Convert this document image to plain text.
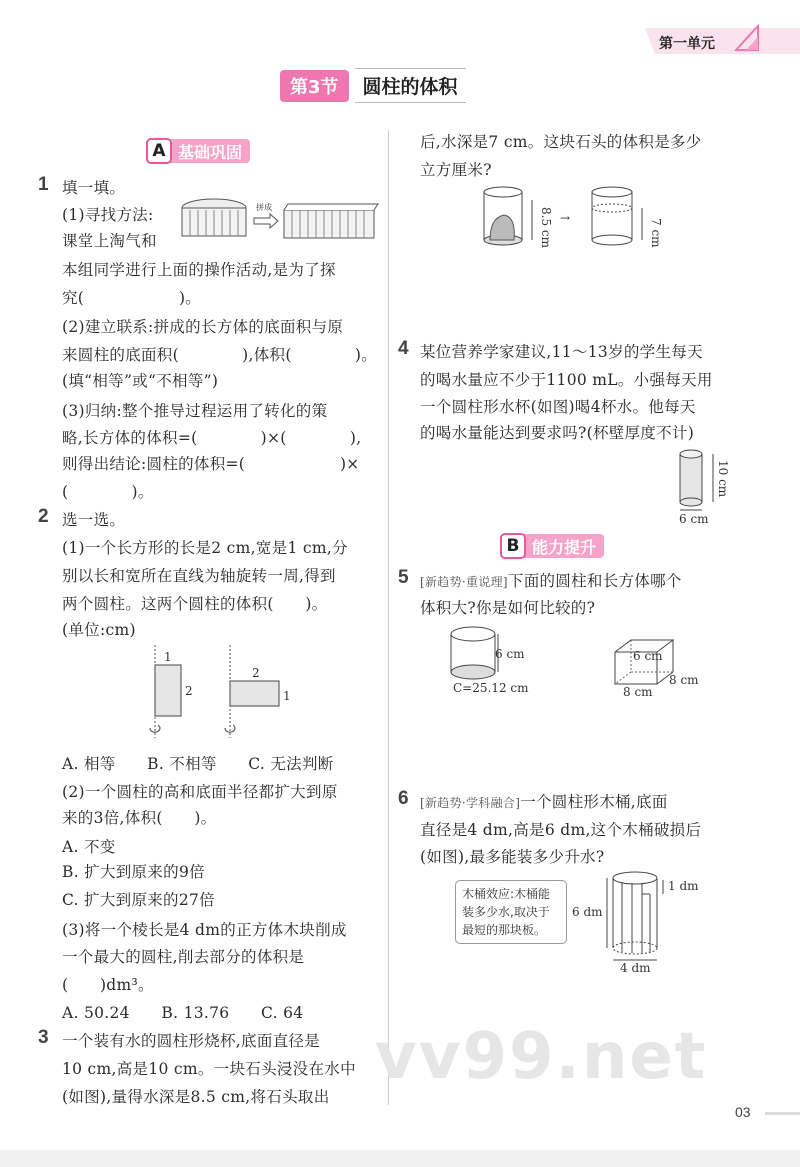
第一单元
第3节	圆柱的体积
A 基础巩固
1 填一填。
(1)寻找方法:
课堂上淘气和
拼成
本组同学进行上面的操作活动,是为了探
究(　　　　　　)。
(2)建立联系:拼成的长方体的底面积与原
来圆柱的底面积(　　　　),体积(　　　　)。
(填“相等”或“不相等”)
(3)归纳:整个推导过程运用了转化的策
略,长方体的体积=(　　　　)×(　　　　),
则得出结论:圆柱的体积=(　　　　　　)×
(　　　　)。
2 选一选。
(1)一个长方形的长是2 cm,宽是1 cm,分
别以长和宽所在直线为轴旋转一周,得到
两个圆柱。这两个圆柱的体积(　　)。
(单位:cm)
1
2
2
1
A. 相等　　B. 不相等　　C. 无法判断
(2)一个圆柱的高和底面半径都扩大到原
来的3倍,体积(　　)。
A. 不变
B. 扩大到原来的9倍
C. 扩大到原来的27倍
(3)将一个棱长是4 dm的正方体木块削成
一个最大的圆柱,削去部分的体积是
(　　)dm³。
A. 50.24　　B. 13.76　　C. 64
3 一个装有水的圆柱形烧杯,底面直径是
10 cm,高是10 cm。一块石头浸没在水中
(如图),量得水深是8.5 cm,将石头取出
后,水深是7 cm。这块石头的体积是多少
立方厘米?
8.5 cm →	7 cm
4 某位营养学家建议,11～13岁的学生每天
的喝水量应不少于1100 mL。小强每天用
一个圆柱形水杯(如图)喝4杯水。他每天
的喝水量能达到要求吗?(杯壁厚度不计)
10 cm
6 cm
B 能力提升
5 [新趋势·重说理]下面的圆柱和长方体哪个
体积大?你是如何比较的?
6 cm
C=25.12 cm
6 cm
8 cm
8 cm
6 [新趋势·学科融合]一个圆柱形木桶,底面
直径是4 dm,高是6 dm,这个木桶破损后
(如图),最多能装多少升水?
木桶效应:木桶能装多少水,取决于最短的那块板。
6 dm
1 dm
4 dm
vv99.net
03
